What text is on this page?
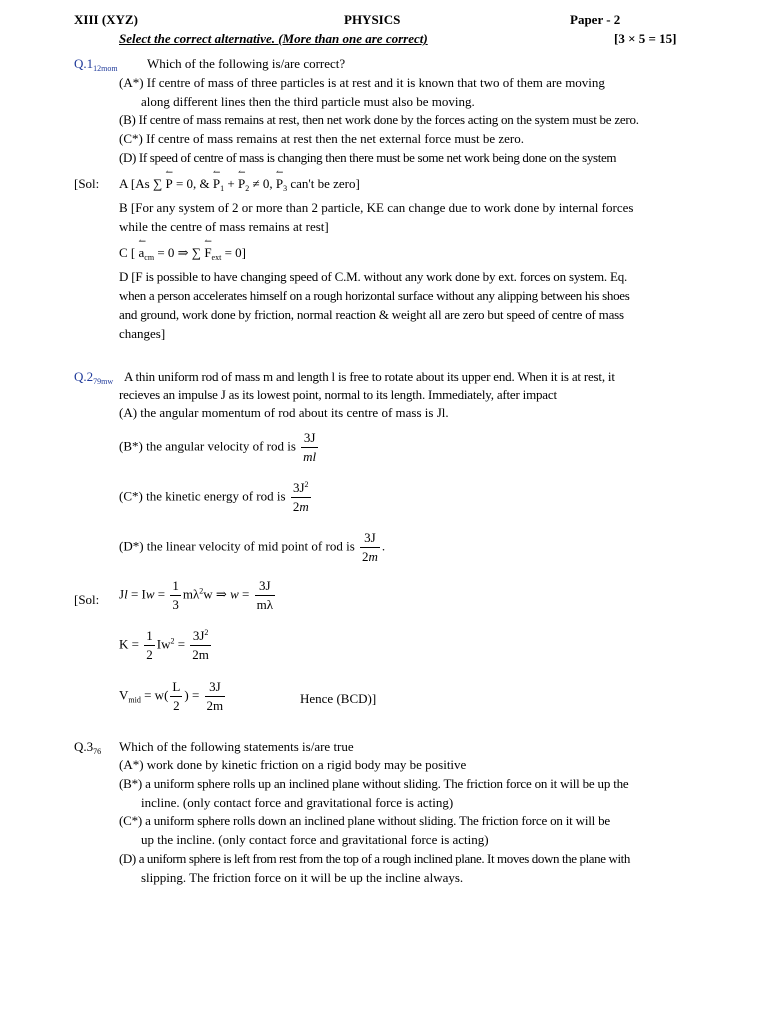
XIII (XYZ)	PHYSICS	Paper - 2
Select the correct alternative. (More than one are correct)	[3 × 5 = 15]
$Q.1_{12mom}$ Which of the following is/are correct?
(A*) If centre of mass of three particles is at rest and it is known that two of them are moving
along different lines then the third particle must also be moving.
(B) If centre of mass remains at rest, then net work done by the forces acting on the system must be zero.
(C*) If centre of mass remains at rest then the net external force must be zero.
(D) If speed of centre of mass is changing then there must be some net work being done on the system
[Sol: A [As ∑ ↼ P = 0, & ↼ $P_1$ + ↼ $P_2 \ne 0$, ↼ $P_3$ can't be zero]
B [For any system of 2 or more than 2 particle, KE can change due to work done by internal forces
while the centre of mass remains at rest]
C [ ↼ $a_{cm} = 0$ ⇒ ∑ ↼ $F_{ext} = 0$]
D [F is possible to have changing speed of C.M. without any work done by ext. forces on system. Eq.
when a person accelerates himself on a rough horizontal surface without any alipping between his shoes
and ground, work done by friction, normal reaction & weight all are zero but speed of centre of mass
changes]
$Q.2_{79mw}$ A thin uniform rod of mass m and length l is free to rotate about its upper end. When it is at rest, it
recieves an impulse J as its lowest point, normal to its length. Immediately, after impact
(A) the angular momentum of rod about its centre of mass is Jl.
(B*) the angular velocity of rod is $\frac{3J}{ml}$
(C*) the kinetic energy of rod is $\frac{3J^2}{2m}$
(D*) the linear velocity of mid point of rod is $\frac{3J}{2m}$ .
[Sol: $Jl = Iw = \frac{1}{3} m\lambda^2w$ ⇒ $w = \frac{3J}{m\lambda}$
$K = \frac{1}{2} Iw^2 = \frac{3J^2}{2m}$
$V_{mid} = w( \frac{L}{2}$ ) = $\frac{3J}{2m}$	Hence (BCD)]
$Q.3_{76}$ Which of the following statements is/are true
(A*) work done by kinetic friction on a rigid body may be positive
(B*) a uniform sphere rolls up an inclined plane without sliding. The friction force on it will be up the
incline. (only contact force and gravitational force is acting)
(C*) a uniform sphere rolls down an inclined plane without sliding. The friction force on it will be
up the incline. (only contact force and gravitational force is acting)
(D) a uniform sphere is left from rest from the top of a rough inclined plane. It moves down the plane with
slipping. The friction force on it will be up the incline always.
